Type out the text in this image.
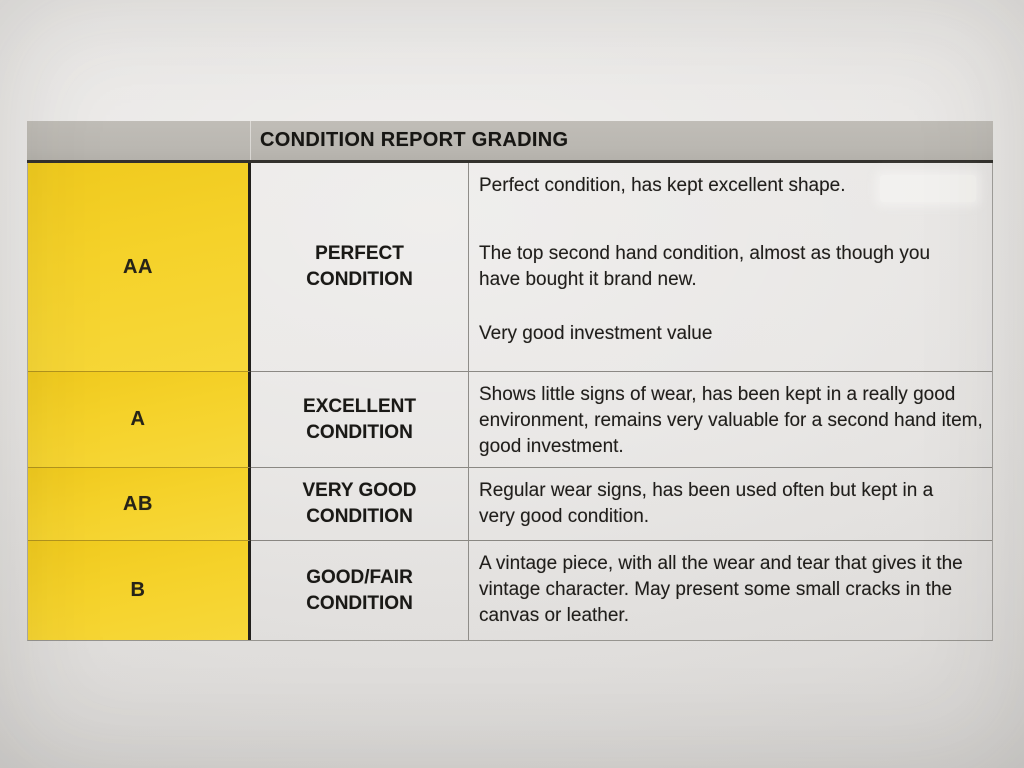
CONDITION REPORT GRADING
AA
PERFECT
CONDITION

Perfect condition, has kept excellent shape.

The top second hand condition, almost as though you have bought it brand new.

Very good investment value

A
EXCELLENT
CONDITION

Shows little signs of wear, has been kept in a really good environment, remains very valuable for a second hand item, good investment.

AB
VERY GOOD
CONDITION

Regular wear signs, has been used often but kept in a very good condition.

B
GOOD/FAIR
CONDITION

A vintage piece, with all the wear and tear that gives it the vintage character. May present some small cracks in the canvas or leather.
